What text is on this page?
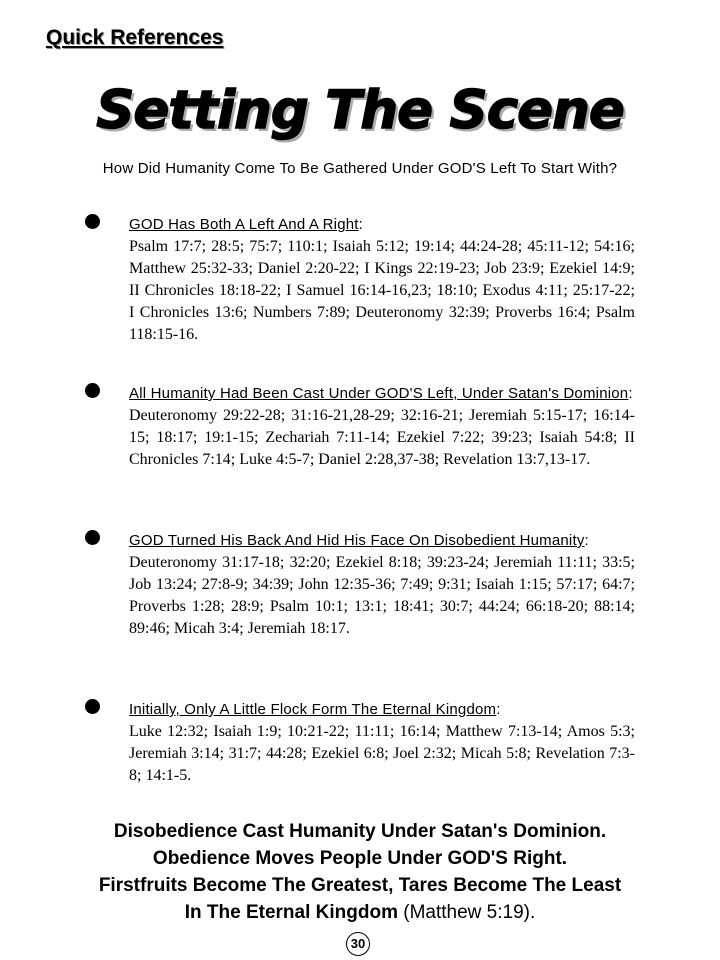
Quick References
Setting The Scene
How Did Humanity Come To Be Gathered Under GOD'S Left To Start With?
GOD Has Both A Left And A Right:
Psalm 17:7; 28:5; 75:7; 110:1; Isaiah 5:12; 19:14; 44:24-28; 45:11-12; 54:16; Matthew 25:32-33; Daniel 2:20-22; I Kings 22:19-23; Job 23:9; Ezekiel 14:9; II Chronicles 18:18-22; I Samuel 16:14-16,23; 18:10; Exodus 4:11; 25:17-22; I Chronicles 13:6; Numbers 7:89; Deuteronomy 32:39; Proverbs 16:4; Psalm 118:15-16.
All Humanity Had Been Cast Under GOD'S Left, Under Satan's Dominion:
Deuteronomy 29:22-28; 31:16-21,28-29; 32:16-21; Jeremiah 5:15-17; 16:14-15; 18:17; 19:1-15; Zechariah 7:11-14; Ezekiel 7:22; 39:23; Isaiah 54:8; II Chronicles 7:14; Luke 4:5-7; Daniel 2:28,37-38; Revelation 13:7,13-17.
GOD Turned His Back And Hid His Face On Disobedient Humanity:
Deuteronomy 31:17-18; 32:20; Ezekiel 8:18; 39:23-24; Jeremiah 11:11; 33:5; Job 13:24; 27:8-9; 34:39; John 12:35-36; 7:49; 9:31; Isaiah 1:15; 57:17; 64:7; Proverbs 1:28; 28:9; Psalm 10:1; 13:1; 18:41; 30:7; 44:24; 66:18-20; 88:14; 89:46; Micah 3:4; Jeremiah 18:17.
Initially, Only A Little Flock Form The Eternal Kingdom:
Luke 12:32; Isaiah 1:9; 10:21-22; 11:11; 16:14; Matthew 7:13-14; Amos 5:3; Jeremiah 3:14; 31:7; 44:28; Ezekiel 6:8; Joel 2:32; Micah 5:8; Revelation 7:3-8; 14:1-5.
Disobedience Cast Humanity Under Satan's Dominion.
Obedience Moves People Under GOD'S Right.
Firstfruits Become The Greatest, Tares Become The Least
In The Eternal Kingdom (Matthew 5:19).
30
